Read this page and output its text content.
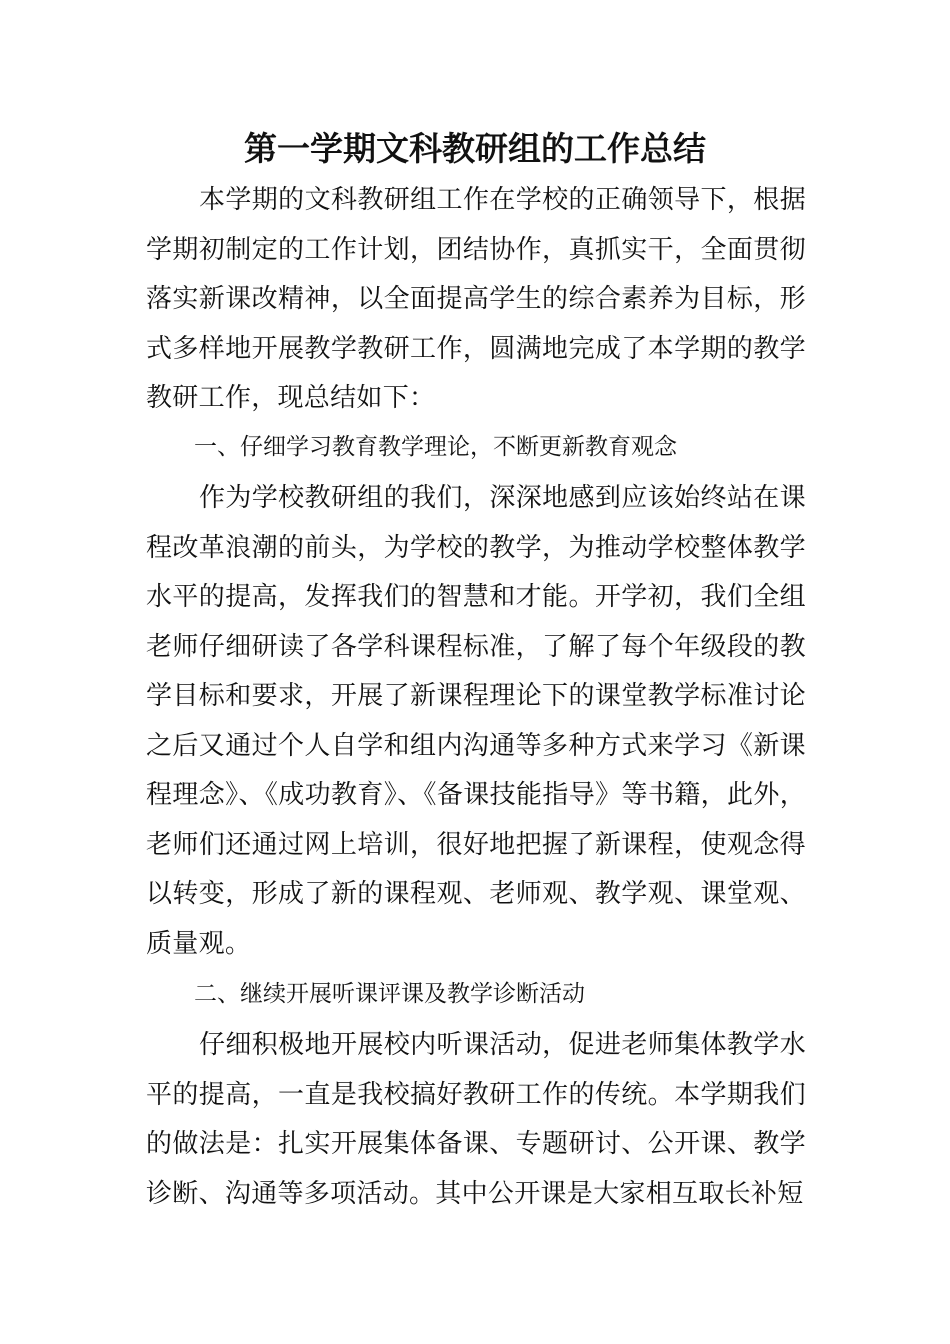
第一学期文科教研组的工作总结

本学期的文科教研组工作在学校的正确领导下，根据学期初制定的工作计划，团结协作，真抓实干，全面贯彻落实新课改精神，以全面提高学生的综合素养为目标，形式多样地开展教学教研工作，圆满地完成了本学期的教学教研工作，现总结如下：

一、仔细学习教育教学理论，不断更新教育观念

作为学校教研组的我们，深深地感到应该始终站在课程改革浪潮的前头，为学校的教学，为推动学校整体教学水平的提高，发挥我们的智慧和才能。开学初，我们全组老师仔细研读了各学科课程标准，了解了每个年级段的教学目标和要求，开展了新课程理论下的课堂教学标准讨论之后又通过个人自学和组内沟通等多种方式来学习《新课程理念》、《成功教育》、《备课技能指导》等书籍，此外，老师们还通过网上培训，很好地把握了新课程，使观念得以转变，形成了新的课程观、老师观、教学观、课堂观、质量观。

二、继续开展听课评课及教学诊断活动

仔细积极地开展校内听课活动，促进老师集体教学水平的提高，一直是我校搞好教研工作的传统。本学期我们的做法是：扎实开展集体备课、专题研讨、公开课、教学诊断、沟通等多项活动。其中公开课是大家相互取长补短
